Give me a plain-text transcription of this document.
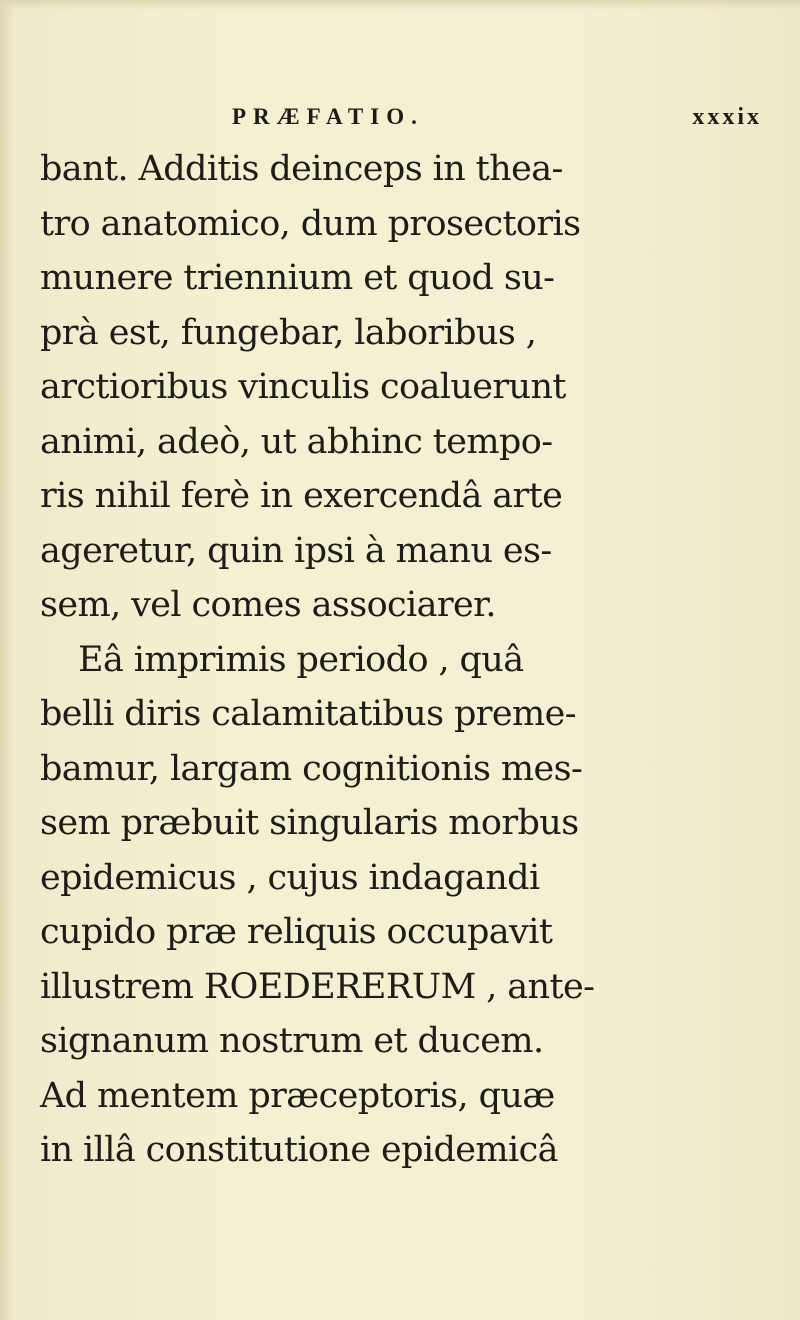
PRÆFATIO.	xxxix
bant. Additis deinceps in thea-
tro anatomico, dum prosectoris
munere triennium et quod su-
prà est, fungebar, laboribus ,
arctioribus vinculis coaluerunt
animi, adeò, ut abhinc tempo-
ris nihil ferè in exercendâ arte
ageretur, quin ipsi à manu es-
sem, vel comes associarer.
Eâ imprimis periodo , quâ
belli diris calamitatibus preme-
bamur, largam cognitionis mes-
sem præbuit singularis morbus
epidemicus , cujus indagandi
cupido præ reliquis occupavit
illustrem ROEDERERUM , ante-
signanum nostrum et ducem.
Ad mentem præceptoris, quæ
in illâ constitutione epidemicâ
